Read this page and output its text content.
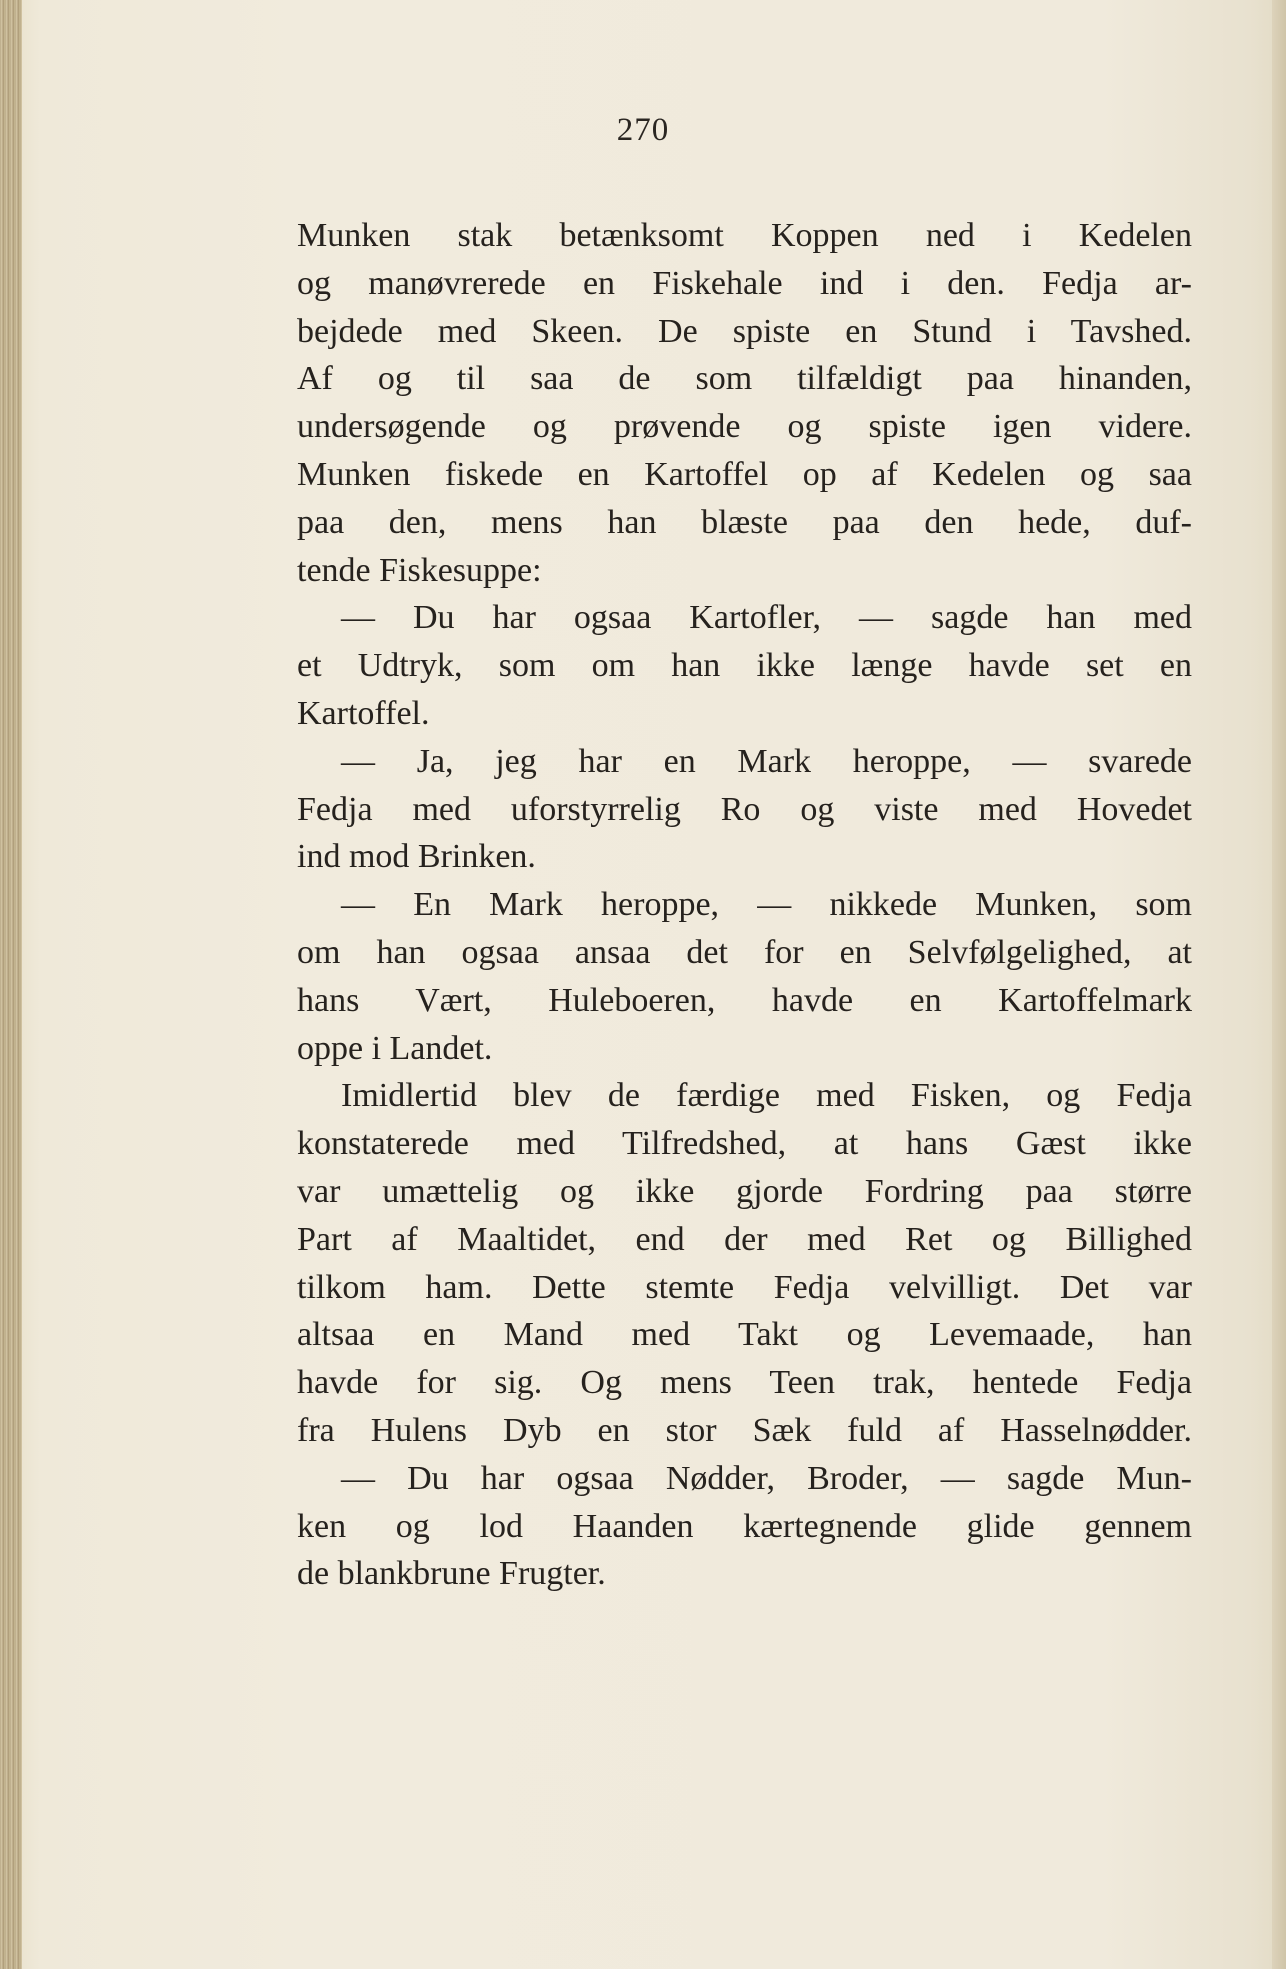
270
Munken stak betænksomt Koppen ned i Kedelen
og manøvrerede en Fiskehale ind i den. Fedja ar-
bejdede med Skeen. De spiste en Stund i Tavshed.
Af og til saa de som tilfældigt paa hinanden,
undersøgende og prøvende og spiste igen videre.
Munken fiskede en Kartoffel op af Kedelen og saa
paa den, mens han blæste paa den hede, duf-
tende Fiskesuppe:
— Du har ogsaa Kartofler, — sagde han med
et Udtryk, som om han ikke længe havde set en
Kartoffel.
— Ja, jeg har en Mark heroppe, — svarede
Fedja med uforstyrrelig Ro og viste med Hovedet
ind mod Brinken.
— En Mark heroppe, — nikkede Munken, som
om han ogsaa ansaa det for en Selvfølgelighed, at
hans Vært, Huleboeren, havde en Kartoffelmark
oppe i Landet.
Imidlertid blev de færdige med Fisken, og Fedja
konstaterede med Tilfredshed, at hans Gæst ikke
var umættelig og ikke gjorde Fordring paa større
Part af Maaltidet, end der med Ret og Billighed
tilkom ham. Dette stemte Fedja velvilligt. Det var
altsaa en Mand med Takt og Levemaade, han
havde for sig. Og mens Teen trak, hentede Fedja
fra Hulens Dyb en stor Sæk fuld af Hasselnødder.
— Du har ogsaa Nødder, Broder, — sagde Mun-
ken og lod Haanden kærtegnende glide gennem
de blankbrune Frugter.
